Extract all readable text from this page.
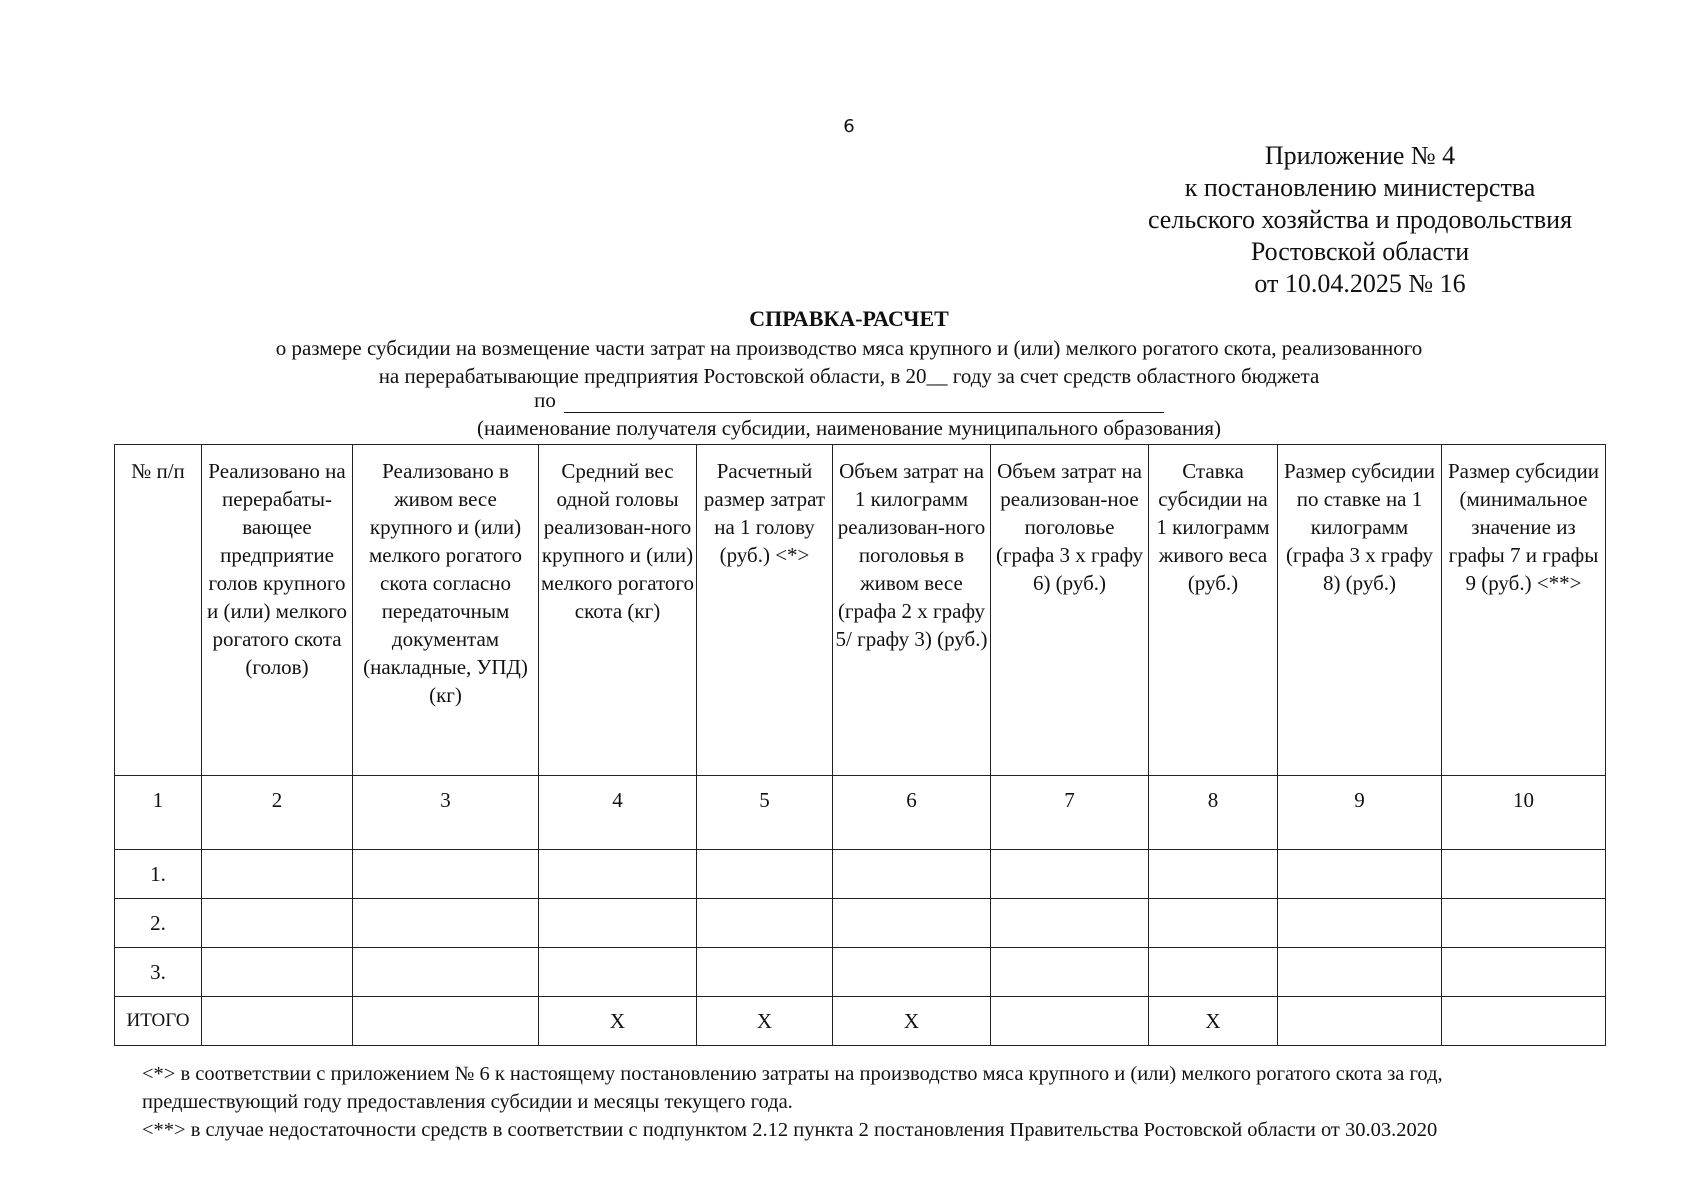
6
Приложение № 4
к постановлению министерства
сельского хозяйства и продовольствия
Ростовской области
от 10.04.2025 № 16
СПРАВКА-РАСЧЕТ
о размере субсидии на возмещение части затрат на производство мяса крупного и (или) мелкого рогатого скота, реализованного
на перерабатывающие предприятия Ростовской области, в 20__ году за счет средств областного бюджета
по
(наименование получателя субсидии, наименование муниципального образования)
№ п/п	Реализовано на перерабаты-вающее предприятие голов крупного и (или) мелкого рогатого скота (голов)	Реализовано в живом весе крупного и (или) мелкого рогатого скота согласно передаточным документам (накладные, УПД) (кг)	Средний вес одной головы реализован-ного крупного и (или) мелкого рогатого скота (кг)	Расчетный размер затрат на 1 голову (руб.) <*>	Объем затрат на 1 килограмм реализован-ного поголовья в живом весе (графа 2 х графу 5/ графу 3) (руб.)	Объем затрат на реализован-ное поголовье (графа 3 х графу 6) (руб.)	Ставка субсидии на 1 килограмм живого веса (руб.)	Размер субсидии по ставке на 1 килограмм (графа 3 х графу 8) (руб.)	Размер субсидии (минимальное значение из графы 7 и графы 9 (руб.) <**>
1	2	3	4	5	6	7	8	9	10
1.									
2.									
3.									
ИТОГО			X	X	X		X		
<*> в соответствии с приложением № 6 к настоящему постановлению затраты на производство мяса крупного и (или) мелкого рогатого скота за год,
предшествующий году предоставления субсидии и месяцы текущего года.
<**> в случае недостаточности средств в соответствии с подпунктом 2.12 пункта 2 постановления Правительства Ростовской области от 30.03.2020
